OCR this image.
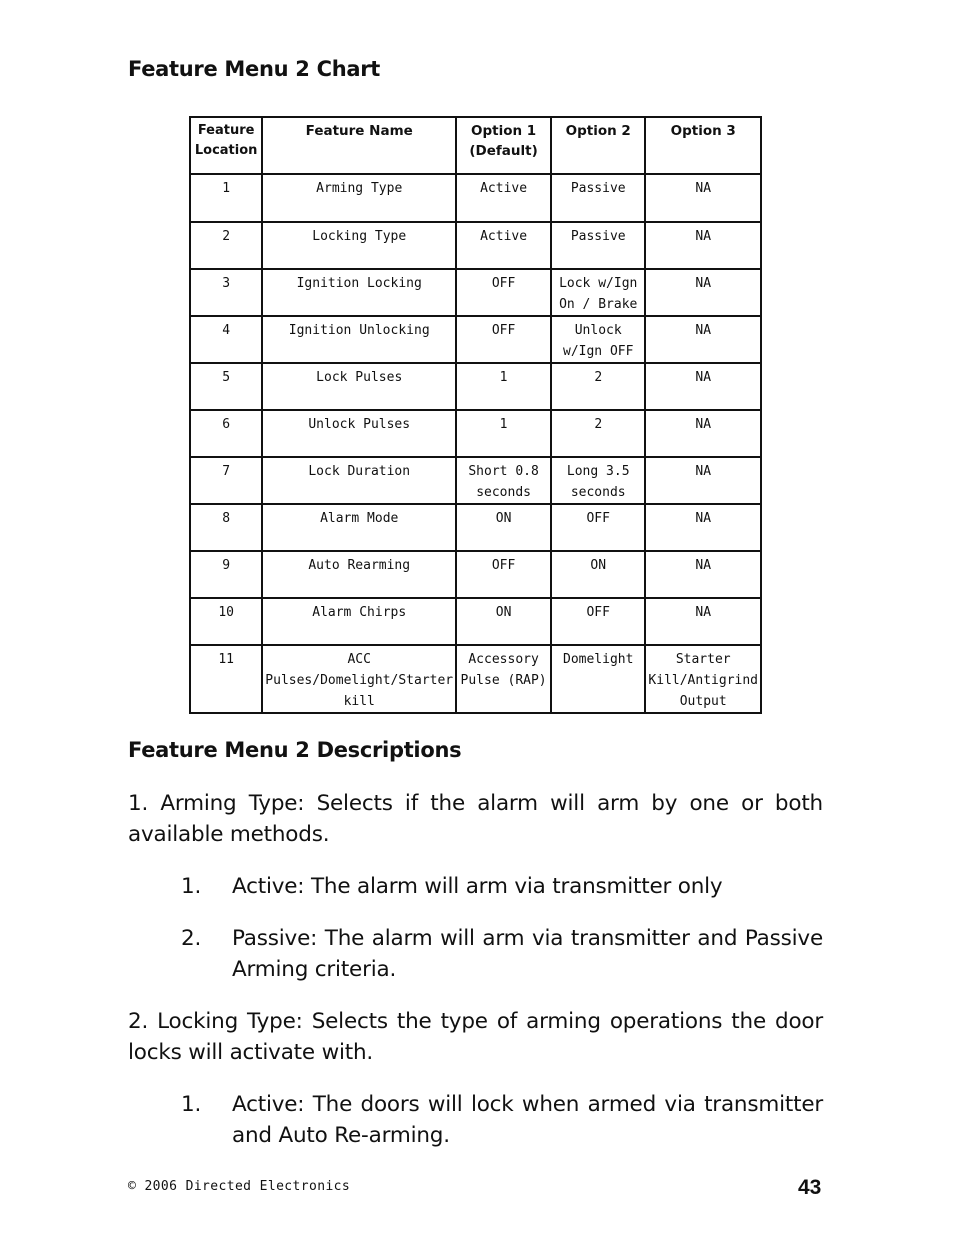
Feature Menu 2 Chart
Feature Location	Feature Name	Option 1 (Default)	Option 2	Option 3
1	Arming Type	Active	Passive	NA
2	Locking Type	Active	Passive	NA
3	Ignition Locking	OFF	Lock w/Ign On / Brake	NA
4	Ignition Unlocking	OFF	Unlock w/Ign OFF	NA
5	Lock Pulses	1	2	NA
6	Unlock Pulses	1	2	NA
7	Lock Duration	Short 0.8 seconds	Long 3.5 seconds	NA
8	Alarm Mode	ON	OFF	NA
9	Auto Rearming	OFF	ON	NA
10	Alarm Chirps	ON	OFF	NA
11	ACC Pulses/Domelight/Starter kill	Accessory Pulse (RAP)	Domelight	Starter Kill/Antigrind Output
Feature Menu 2 Descriptions
1. Arming Type: Selects if the alarm will arm by one or both available methods.
1. Active: The alarm will arm via transmitter only
2. Passive: The alarm will arm via transmitter and Passive Arming criteria.
2. Locking Type: Selects the type of arming operations the door locks will activate with.
1. Active: The doors will lock when armed via transmitter and Auto Re-arming.
© 2006 Directed Electronics	43
